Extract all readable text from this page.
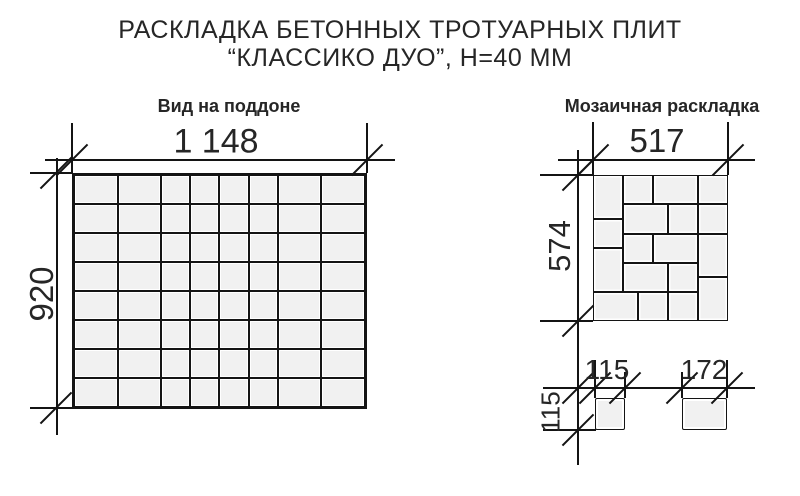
РАСКЛАДКА БЕТОННЫХ ТРОТУАРНЫХ ПЛИТ
“КЛАССИКО ДУО”, Н=40 ММ
Вид на поддоне	Мозаичная раскладка
1 148
920
517
574
115 172
115
